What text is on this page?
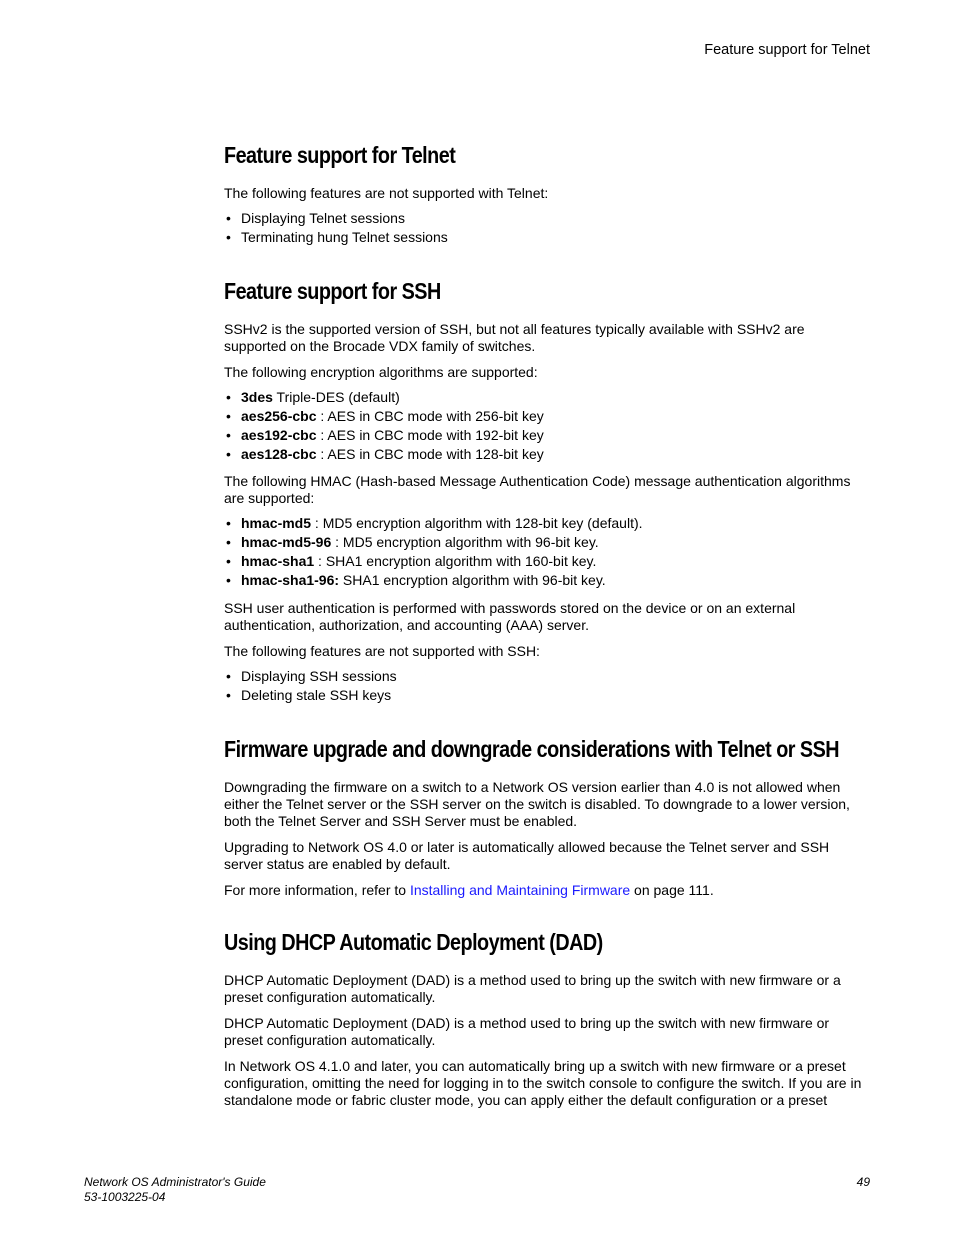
Feature support for Telnet
Feature support for Telnet

The following features are not supported with Telnet:

• Displaying Telnet sessions
• Terminating hung Telnet sessions
Feature support for SSH

SSHv2 is the supported version of SSH, but not all features typically available with SSHv2 are supported on the Brocade VDX family of switches.

The following encryption algorithms are supported:

• 3des Triple-DES (default)
• aes256-cbc : AES in CBC mode with 256-bit key
• aes192-cbc : AES in CBC mode with 192-bit key
• aes128-cbc : AES in CBC mode with 128-bit key

The following HMAC (Hash-based Message Authentication Code) message authentication algorithms are supported:

• hmac-md5 : MD5 encryption algorithm with 128-bit key (default).
• hmac-md5-96 : MD5 encryption algorithm with 96-bit key.
• hmac-sha1 : SHA1 encryption algorithm with 160-bit key.
• hmac-sha1-96: SHA1 encryption algorithm with 96-bit key.

SSH user authentication is performed with passwords stored on the device or on an external authentication, authorization, and accounting (AAA) server.

The following features are not supported with SSH:

• Displaying SSH sessions
• Deleting stale SSH keys
Firmware upgrade and downgrade considerations with Telnet or SSH

Downgrading the firmware on a switch to a Network OS version earlier than 4.0 is not allowed when either the Telnet server or the SSH server on the switch is disabled. To downgrade to a lower version, both the Telnet Server and SSH Server must be enabled.

Upgrading to Network OS 4.0 or later is automatically allowed because the Telnet server and SSH server status are enabled by default.

For more information, refer to Installing and Maintaining Firmware on page 111.

Using DHCP Automatic Deployment (DAD)

DHCP Automatic Deployment (DAD) is a method used to bring up the switch with new firmware or a preset configuration automatically.

DHCP Automatic Deployment (DAD) is a method used to bring up the switch with new firmware or preset configuration automatically.

In Network OS 4.1.0 and later, you can automatically bring up a switch with new firmware or a preset configuration, omitting the need for logging in to the switch console to configure the switch. If you are in standalone mode or fabric cluster mode, you can apply either the default configuration or a preset

Network OS Administrator's Guide
53-1003225-04
49
